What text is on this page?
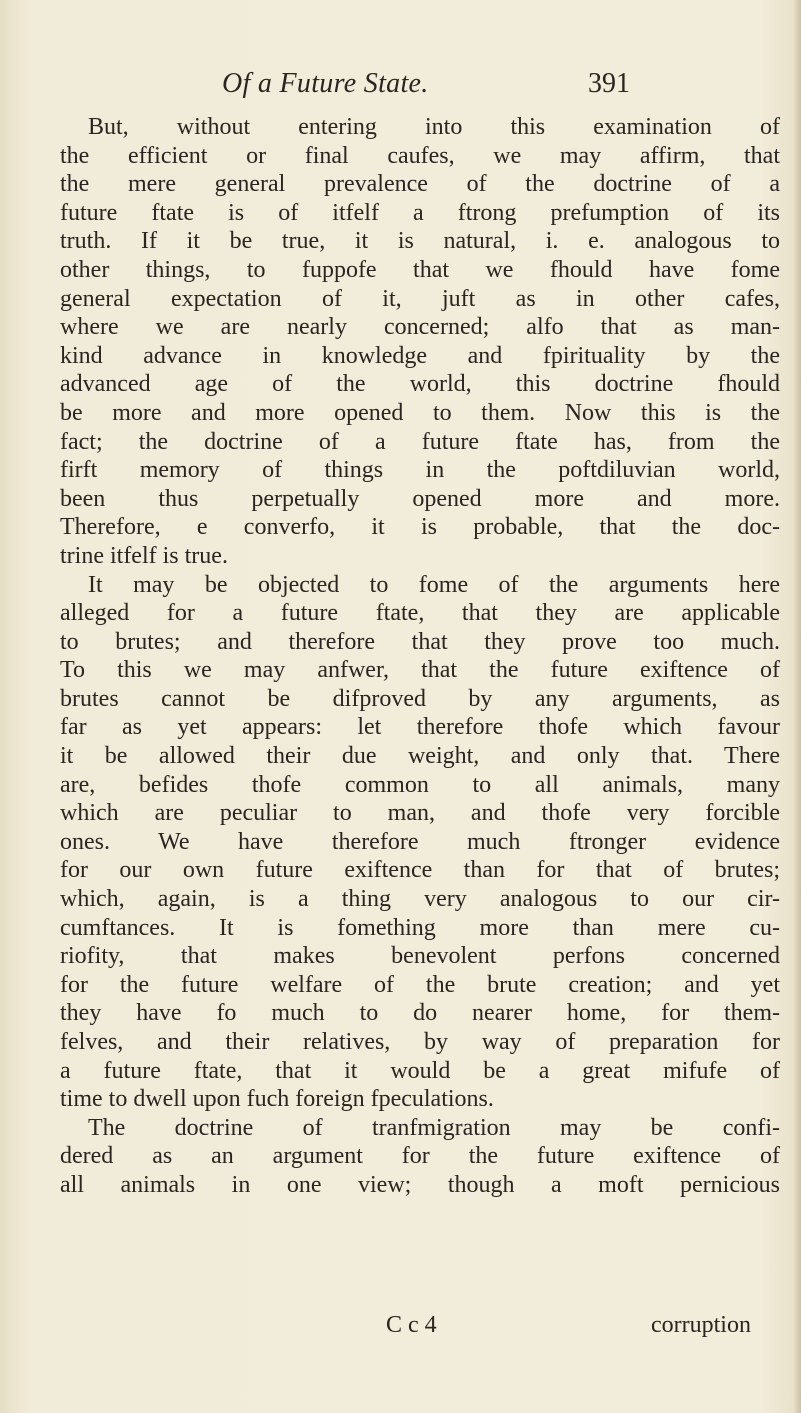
Of a Future State.	391
But, without entering into this examination of
the efficient or final caufes, we may affirm, that
the mere general prevalence of the doctrine of a
future ftate is of itfelf a ftrong prefumption of its
truth. If it be true, it is natural, i. e. analogous to
other things, to fuppofe that we fhould have fome
general expectation of it, juft as in other cafes,
where we are nearly concerned; alfo that as man-
kind advance in knowledge and fpirituality by the
advanced age of the world, this doctrine fhould
be more and more opened to them. Now this is the
fact; the doctrine of a future ftate has, from the
firft memory of things in the poftdiluvian world,
been thus perpetually opened more and more.
Therefore, e converfo, it is probable, that the doc-
trine itfelf is true.
It may be objected to fome of the arguments here
alleged for a future ftate, that they are applicable
to brutes; and therefore that they prove too much.
To this we may anfwer, that the future exiftence of
brutes cannot be difproved by any arguments, as
far as yet appears: let therefore thofe which favour
it be allowed their due weight, and only that. There
are, befides thofe common to all animals, many
which are peculiar to man, and thofe very forcible
ones. We have therefore much ftronger evidence
for our own future exiftence than for that of brutes;
which, again, is a thing very analogous to our cir-
cumftances. It is fomething more than mere cu-
riofity, that makes benevolent perfons concerned
for the future welfare of the brute creation; and yet
they have fo much to do nearer home, for them-
felves, and their relatives, by way of preparation for
a future ftate, that it would be a great mifufe of
time to dwell upon fuch foreign fpeculations.
The doctrine of tranfmigration may be confi-
dered as an argument for the future exiftence of
all animals in one view; though a moft pernicious
C c 4	corruption
